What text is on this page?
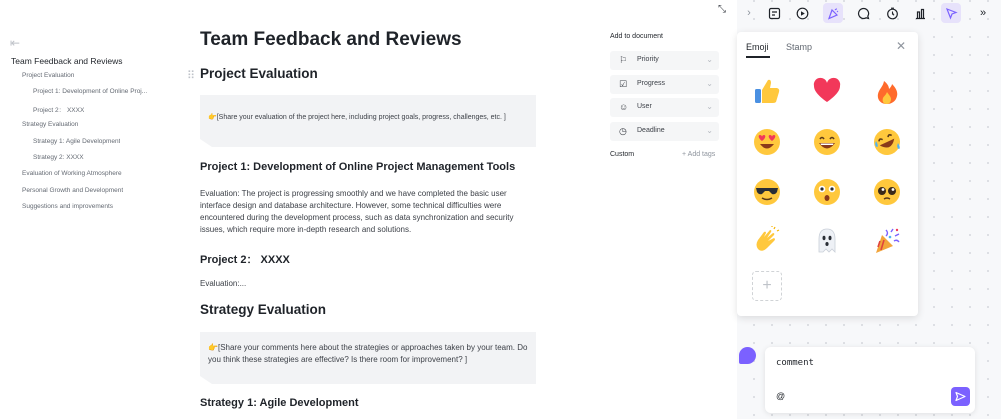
⇤
Team Feedback and Reviews
Project Evaluation
Project 1: Development of Online Proj...
Project 2： XXXX
Strategy Evaluation
Strategy 1: Agile Development
Strategy 2: XXXX
Evaluation of Working Atmosphere
Personal Growth and Development
Suggestions and improvements
Team Feedback and Reviews
⠿ Project Evaluation
👉[Share your evaluation of the project here, including project goals, progress, challenges, etc. ]
Project 1: Development of Online Project Management Tools
Evaluation: The project is progressing smoothly and we have completed the basic user interface design and database architecture. However, some technical difficulties were encountered during the development process, such as data synchronization and security issues, which require more in-depth research and solutions.
Project 2： XXXX
Evaluation:...
Strategy Evaluation
👉[Share your comments here about the strategies or approaches taken by your team. Do you think these strategies are effective? Is there room for improvement? ]
Strategy 1: Agile Development
Add to document
⚐ Priority	⌄
☑ Progress	⌄
☺ User	⌄
◷ Deadline	⌄
Custom	+ Add tags
⤡	›	»
Emoji Stamp	✕
+
comment
@
